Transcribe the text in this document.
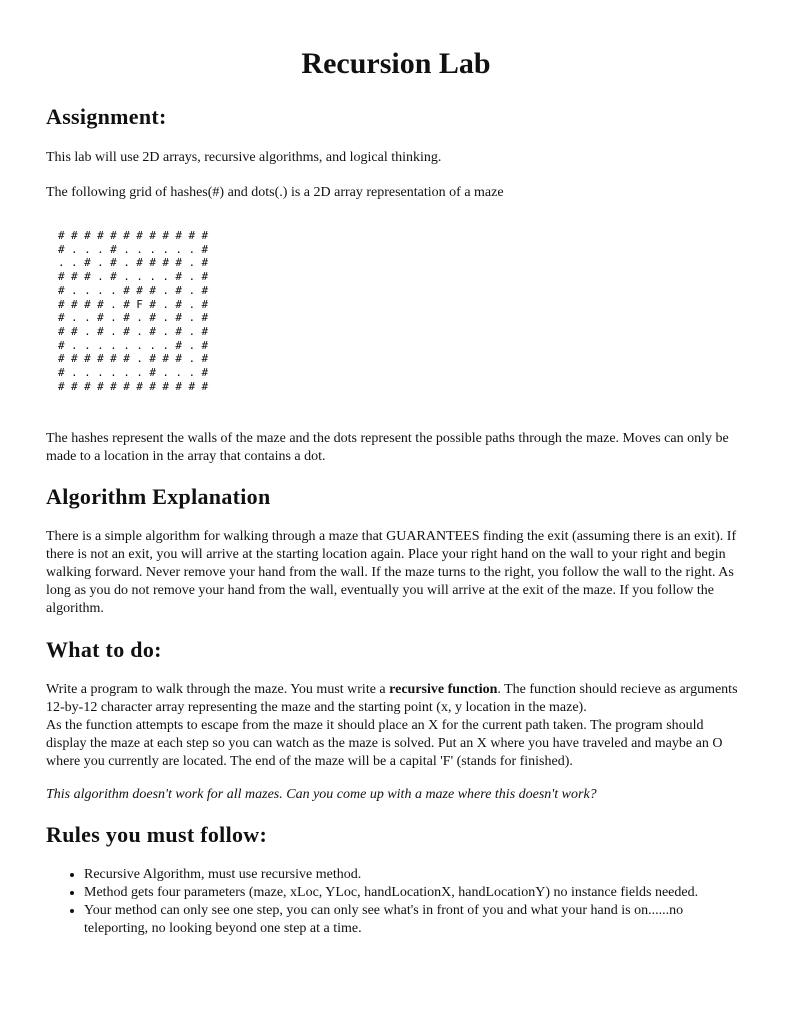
Recursion Lab
Assignment:

This lab will use 2D arrays, recursive algorithms, and logical thinking.

The following grid of hashes(#) and dots(.) is a 2D array representation of a maze

# # # # # # # # # # # #
# . . . # . . . . . . #
. . # . # . # # # # . #
# # # . # . . . . # . #
# . . . . # # # . # . #
# # # # . # F # . # . #
# . . # . # . # . # . #
# # . # . # . # . # . #
# . . . . . . . . # . #
# # # # # # . # # # . #
# . . . . . . # . . . #
# # # # # # # # # # # #

The hashes represent the walls of the maze and the dots represent the possible paths through the maze. Moves can only be made to a location in the array that contains a dot.

Algorithm Explanation

There is a simple algorithm for walking through a maze that GUARANTEES finding the exit (assuming there is an exit). If there is not an exit, you will arrive at the starting location again. Place your right hand on the wall to your right and begin walking forward. Never remove your hand from the wall. If the maze turns to the right, you follow the wall to the right. As long as you do not remove your hand from the wall, eventually you will arrive at the exit of the maze. If you follow the algorithm.

What to do:

Write a program to walk through the maze. You must write a recursive function. The function should recieve as arguments 12-by-12 character array representing the maze and the starting point (x, y location in the maze).

As the function attempts to escape from the maze it should place an X for the current path taken. The program should display the maze at each step so you can watch as the maze is solved. Put an X where you have traveled and maybe an O where you currently are located. The end of the maze will be a capital 'F' (stands for finished).

This algorithm doesn't work for all mazes. Can you come up with a maze where this doesn't work?

Rules you must follow:
• Recursive Algorithm, must use recursive method.
• Method gets four parameters (maze, xLoc, YLoc, handLocationX, handLocationY) no instance fields needed.
• Your method can only see one step, you can only see what's in front of you and what your hand is on......no teleporting, no looking beyond one step at a time.
